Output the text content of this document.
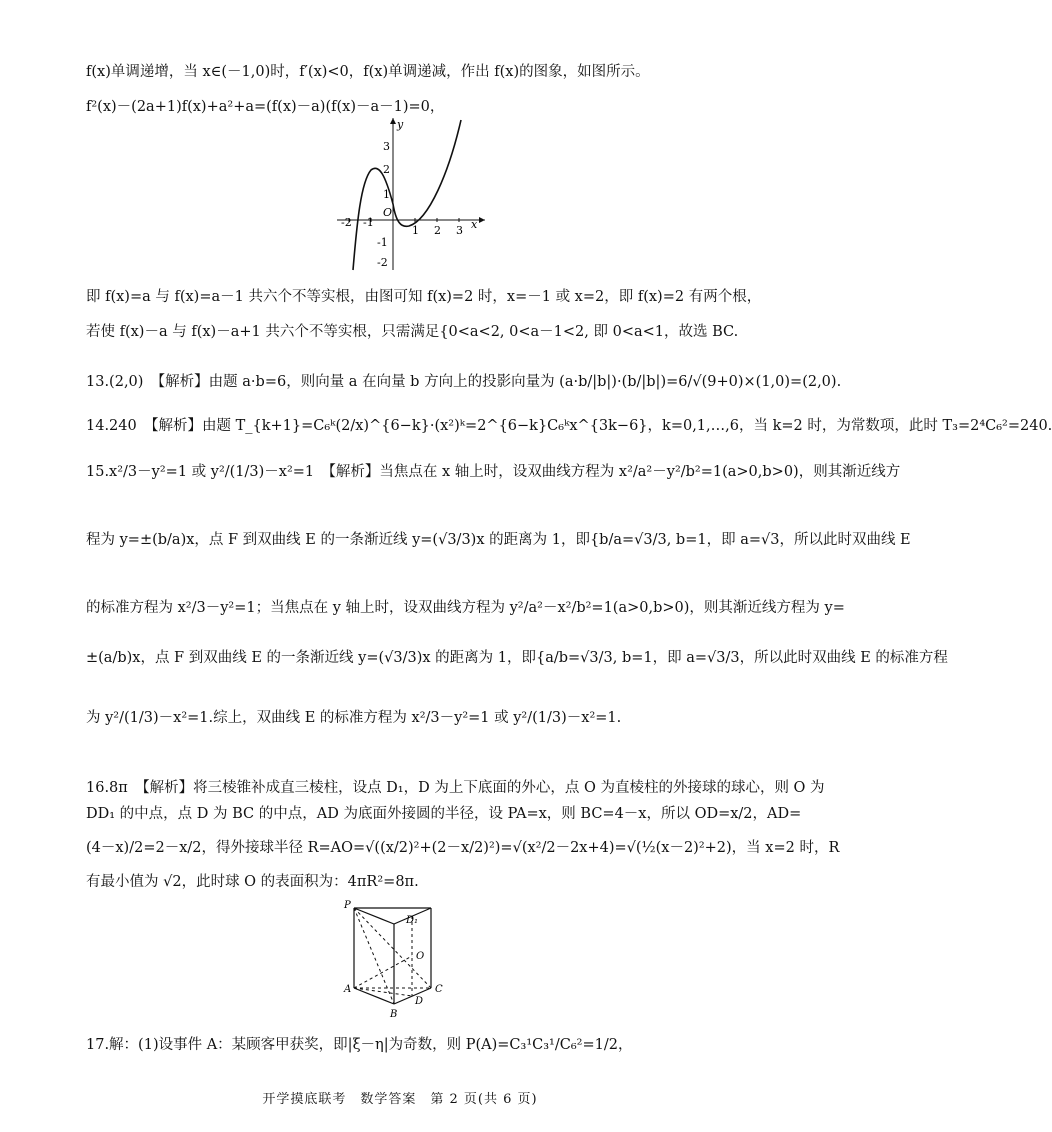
f(x)单调递增，当 x∈(－1,0)时，f′(x)<0，f(x)单调递减，作出 f(x)的图象，如图所示。
f²(x)－(2a+1)f(x)+a²+a=(f(x)－a)(f(x)－a－1)=0，
-2 -1
1 2 3 x
y
3
2
1
-1
-2
O
即 f(x)=a 与 f(x)=a－1 共六个不等实根，由图可知 f(x)=2 时，x=－1 或 x=2，即 f(x)=2 有两个根，
若使 f(x)－a 与 f(x)－a+1 共六个不等实根，只需满足{0<a<2, 0<a－1<2, 即 0<a<1，故选 BC.
13.(2,0)　【解析】由题 a·b=6，则向量 a 在向量 b 方向上的投影向量为 (a·b/|b|)·(b/|b|)=6/√(9+0)×(1,0)=(2,0).
14.240　【解析】由题 T_{k+1}=C₆ᵏ(2/x)^{6−k}·(x²)ᵏ=2^{6−k}C₆ᵏx^{3k−6}，k=0,1,…,6，当 k=2 时，为常数项，此时 T₃=2⁴C₆²=240.
15.x²/3－y²=1 或 y²/(1/3)－x²=1　【解析】当焦点在 x 轴上时，设双曲线方程为 x²/a²－y²/b²=1(a>0,b>0)，则其渐近线方
程为 y=±(b/a)x，点 F 到双曲线 E 的一条渐近线 y=(√3/3)x 的距离为 1，即{b/a=√3/3, b=1，即 a=√3，所以此时双曲线 E
的标准方程为 x²/3－y²=1；当焦点在 y 轴上时，设双曲线方程为 y²/a²－x²/b²=1(a>0,b>0)，则其渐近线方程为 y=
±(a/b)x，点 F 到双曲线 E 的一条渐近线 y=(√3/3)x 的距离为 1，即{a/b=√3/3, b=1，即 a=√3/3，所以此时双曲线 E 的标准方程
为 y²/(1/3)－x²=1.综上，双曲线 E 的标准方程为 x²/3－y²=1 或 y²/(1/3)－x²=1.
16.8π　【解析】将三棱锥补成直三棱柱，设点 D₁，D 为上下底面的外心，点 O 为直棱柱的外接球的球心，则 O 为
DD₁ 的中点，点 D 为 BC 的中点，AD 为底面外接圆的半径，设 PA=x，则 BC=4－x，所以 OD=x/2，AD=
(4－x)/2=2－x/2，得外接球半径 R=AO=√((x/2)²+(2－x/2)²)=√(x²/2－2x+4)=√(½(x－2)²+2)，当 x=2 时，R
有最小值为 √2，此时球 O 的表面积为：4πR²=8π.
P
D₁
O
A
D
C
B
17.解：(1)设事件 A：某顾客甲获奖，即|ξ－η|为奇数，则 P(A)=C₃¹C₃¹/C₆²=1/2，
开学摸底联考　数学答案　第 2 页(共 6 页)
